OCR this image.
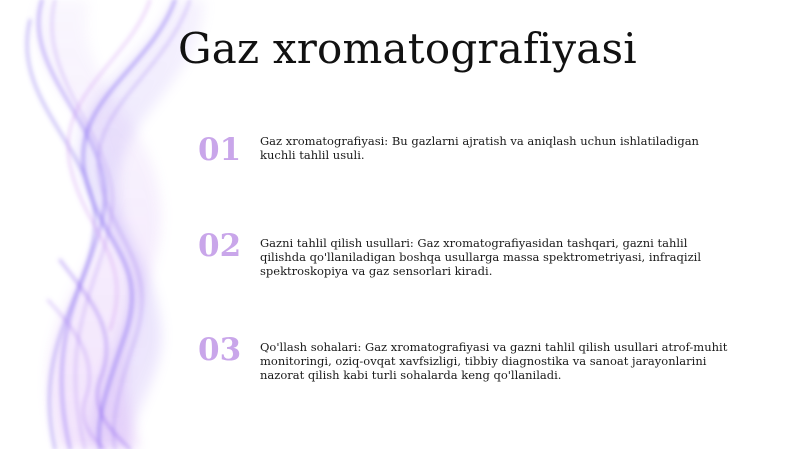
Gaz xromatografiyasi
01 Gaz xromatografiyasi: Bu gazlarni ajratish va aniqlash uchun ishlatiladigan kuchli tahlil usuli.
02 Gazni tahlil qilish usullari: Gaz xromatografiyasidan tashqari, gazni tahlil qilishda qo'llaniladigan boshqa usullarga massa spektrometriyasi, infraqizil spektroskopiya va gaz sensorlari kiradi.
03 Qo'llash sohalari: Gaz xromatografiyasi va gazni tahlil qilish usullari atrof-muhit monitoringi, oziq-ovqat xavfsizligi, tibbiy diagnostika va sanoat jarayonlarini nazorat qilish kabi turli sohalarda keng qo'llaniladi.
